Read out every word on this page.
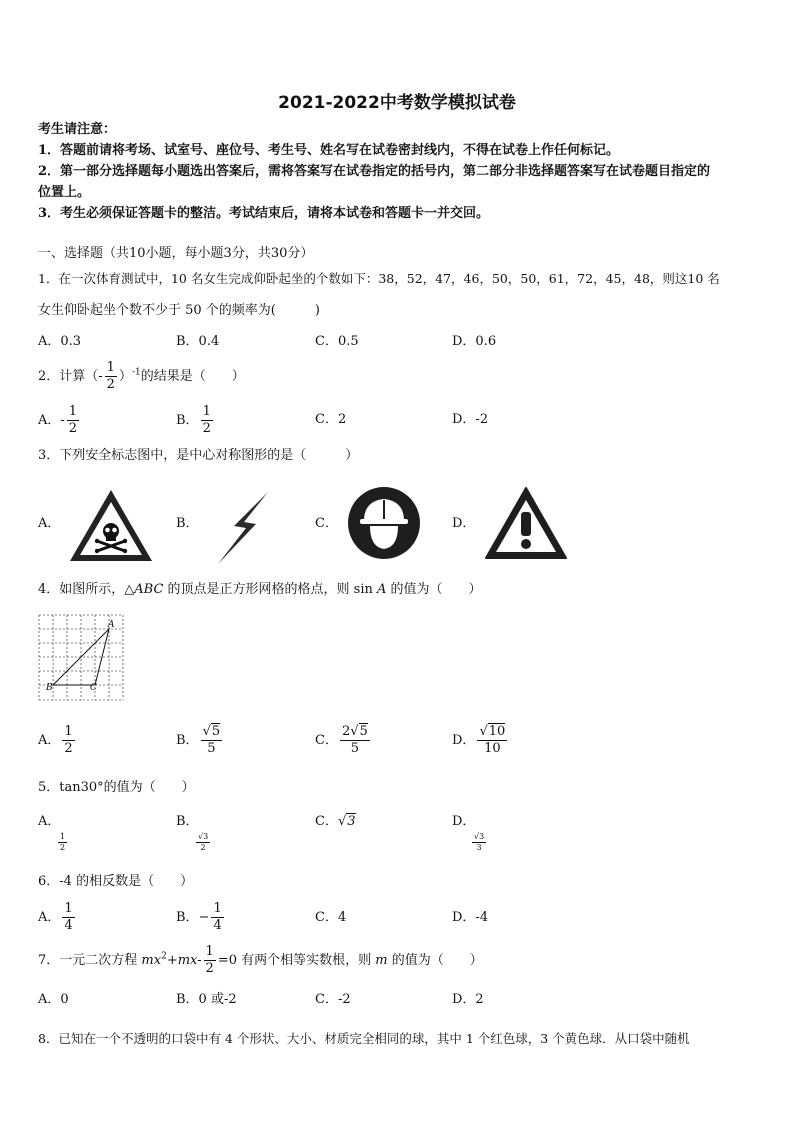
2021-2022中考数学模拟试卷
考生请注意：
1．答题前请将考场、试室号、座位号、考生号、姓名写在试卷密封线内，不得在试卷上作任何标记。
2．第一部分选择题每小题选出答案后，需将答案写在试卷指定的括号内，第二部分非选择题答案写在试卷题目指定的
位置上。
3．考生必须保证答题卡的整洁。考试结束后，请将本试卷和答题卡一并交回。
一、选择题（共10小题，每小题3分，共30分）
1．在一次体育测试中，10 名女生完成仰卧起坐的个数如下：38，52，47，46，50，50，61，72，45，48，则这10 名
女生仰卧起坐个数不少于 50 个的频率为(　　　)
A．0.3	B．0.4	C．0.5	D．0.6
2．计算（- $\frac{1}{2} )^{-1}$的结果是（　　）
A．- $\frac{1}{2}$	B． $\frac{1}{2}$	C．2	D．-2
3．下列安全标志图中，是中心对称图形的是（　　　）
A．	B．	C．	D．
4．如图所示，△ABC 的顶点是正方形网格的格点，则 sin A 的值为（　　）
A
B	C
A． $\frac{1}{2}$	B． $\frac{√5}{5}$	C． $\frac{2√5}{5}$	D． $\frac{√10}{10}$
5．tan30°的值为（　　）
A．

$\frac{1}{2}$
B．

$\frac{√3}{2}$
C．√3	D．

$\frac{√3}{3}$
6．-4 的相反数是（　　）
A． $\frac{1}{4}$	B．− $\frac{1}{4}$	C．4	D．-4
7．一元二次方程 $mx^2+mx- \frac{1}{2} =0$ 有两个相等实数根，则 m 的值为（　　）
A．0	B．0 或-2	C．-2	D．2
8．已知在一个不透明的口袋中有 4 个形状、大小、材质完全相同的球，其中 1 个红色球，3 个黄色球．从口袋中随机
